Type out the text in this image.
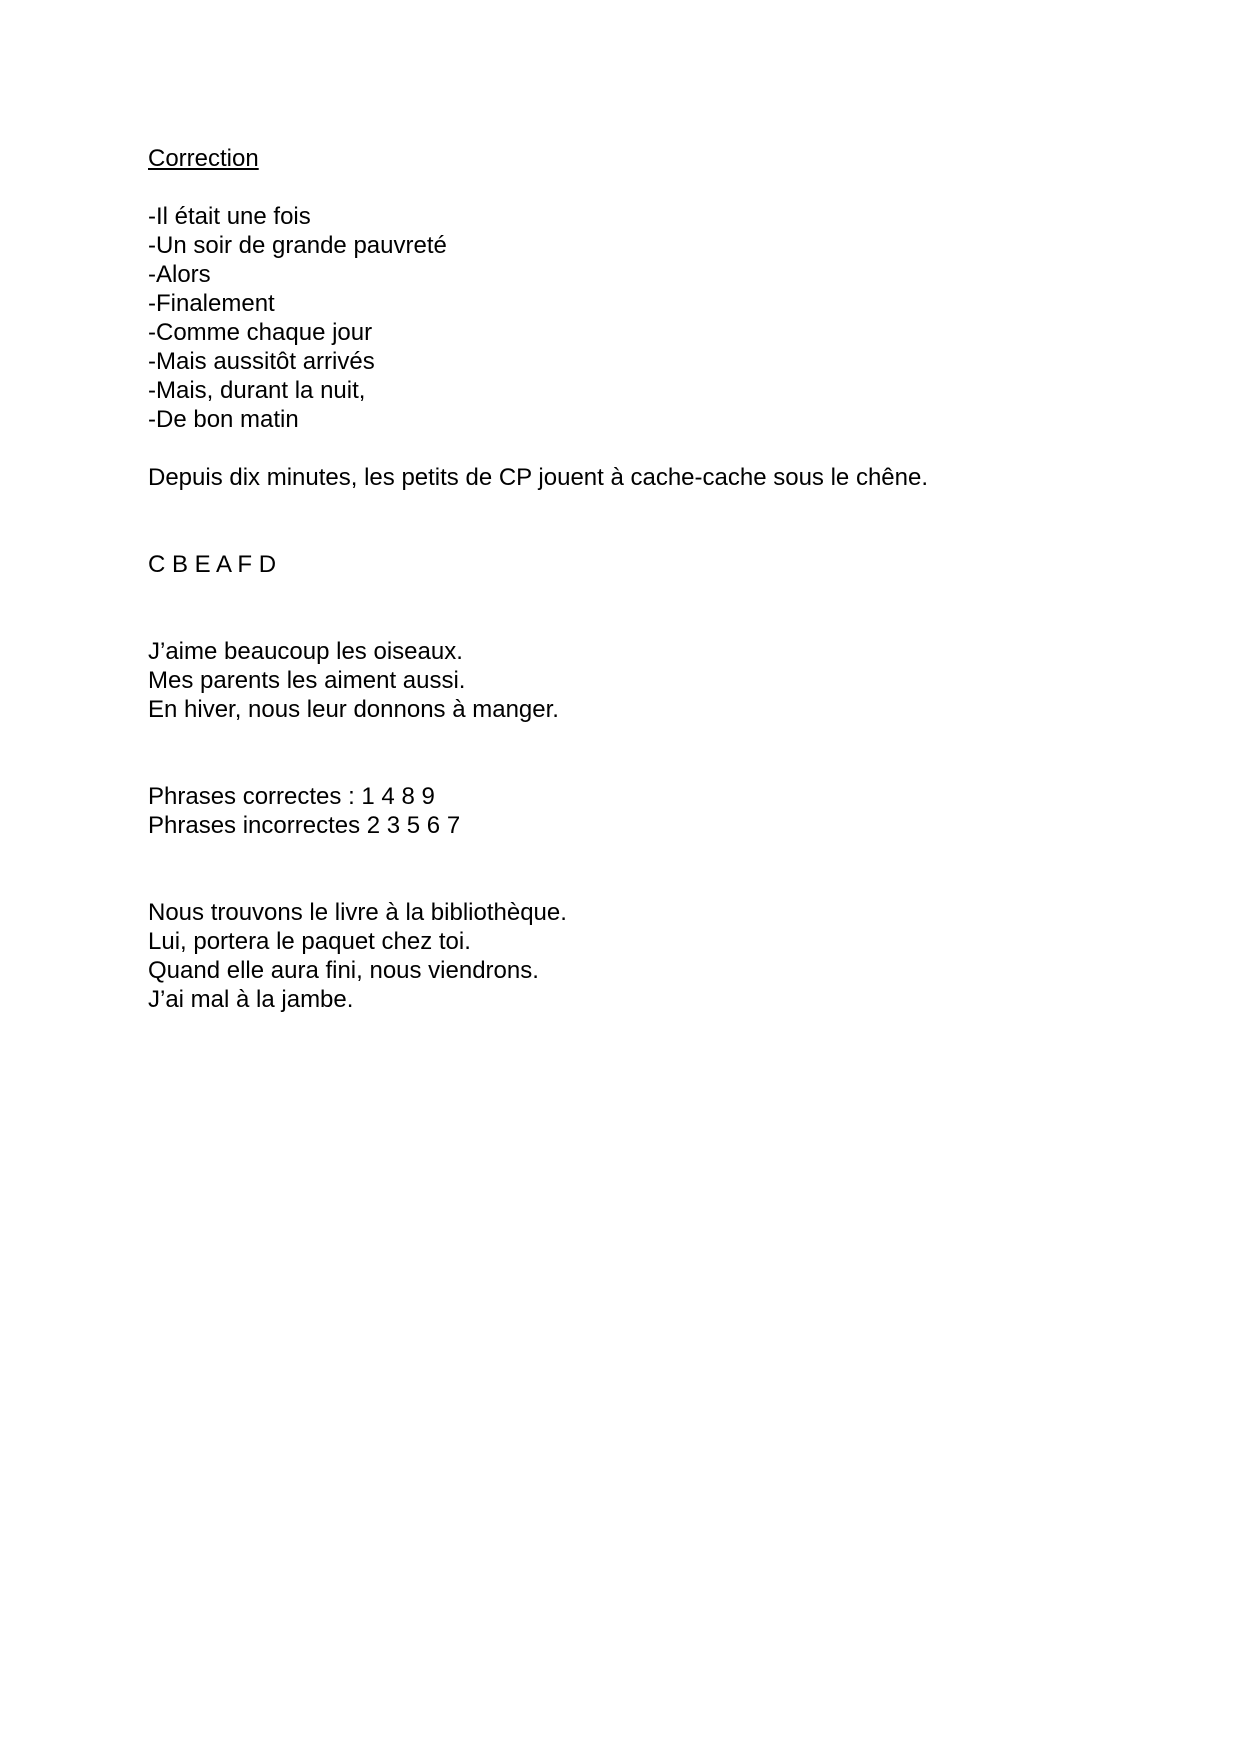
Correction
-Il était une fois
-Un soir de grande pauvreté
-Alors
-Finalement
-Comme chaque jour
-Mais aussitôt arrivés
-Mais, durant la nuit,
-De bon matin
Depuis dix minutes, les petits de CP jouent à cache-cache sous le chêne.
C B E A F D
J’aime beaucoup les oiseaux.
Mes parents les aiment aussi.
En hiver, nous leur donnons à manger.
Phrases correctes : 1 4 8 9
Phrases incorrectes 2 3 5 6 7
Nous trouvons le livre à la bibliothèque.
Lui, portera le paquet chez toi.
Quand elle aura fini, nous viendrons.
J’ai mal à la jambe.
